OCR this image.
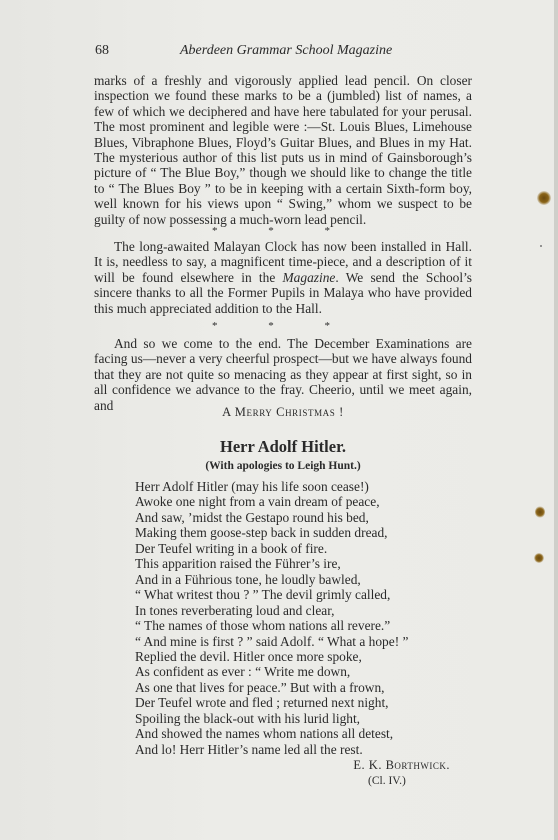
68	Aberdeen Grammar School Magazine

marks of a freshly and vigorously applied lead pencil. On closer inspection we found these marks to be a (jumbled) list of names, a few of which we deciphered and have here tabulated for your perusal. The most prominent and legible were :—St. Louis Blues, Limehouse Blues, Vibraphone Blues, Floyd’s Guitar Blues, and Blues in my Hat. The mysterious author of this list puts us in mind of Gainsborough’s picture of “ The Blue Boy,” though we should like to change the title to “ The Blues Boy ” to be in keeping with a certain Sixth-form boy, well known for his views upon “ Swing,” whom we suspect to be guilty of now possessing a much-worn lead pencil.

* * *

The long-awaited Malayan Clock has now been installed in Hall. It is, needless to say, a magnificent time-piece, and a description of it will be found elsewhere in the Magazine. We send the School’s sincere thanks to all the Former Pupils in Malaya who have provided this much appreciated addition to the Hall.

* * *

And so we come to the end. The December Examinations are facing us—never a very cheerful prospect—but we have always found that they are not quite so menacing as they appear at first sight, so in all confidence we advance to the fray. Cheerio, until we meet again, and	A Merry Christmas !

Herr Adolf Hitler.

(With apologies to Leigh Hunt.)

Herr Adolf Hitler (may his life soon cease!)
Awoke one night from a vain dream of peace,
And saw, ’midst the Gestapo round his bed,
Making them goose-step back in sudden dread,
Der Teufel writing in a book of fire.
This apparition raised the Führer’s ire,
And in a Führious tone, he loudly bawled,
“ What writest thou ? ” The devil grimly called,
In tones reverberating loud and clear,
“ The names of those whom nations all revere.”
“ And mine is first ? ” said Adolf. “ What a hope! ”
Replied the devil. Hitler once more spoke,
As confident as ever : “ Write me down,
As one that lives for peace.” But with a frown,
Der Teufel wrote and fled ; returned next night,
Spoiling the black-out with his lurid light,
And showed the names whom nations all detest,
And lo! Herr Hitler’s name led all the rest.

E. K. Borthwick.

(Cl. IV.)
